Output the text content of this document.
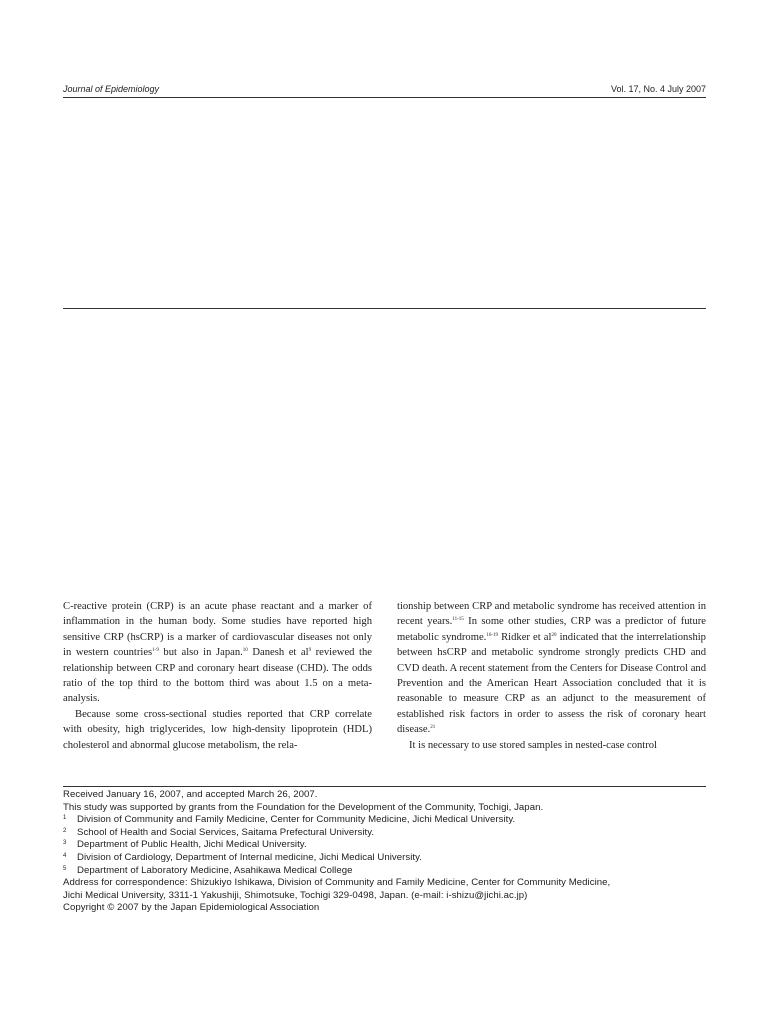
Journal of Epidemiology	Vol. 17, No. 4 July 2007

C-reactive protein (CRP) is an acute phase reactant and a marker of inflammation in the human body. Some studies have reported high sensitive CRP (hsCRP) is a marker of cardiovascular diseases not only in western countries$^{1-9}$ but also in Japan.$^{10}$ Danesh et $al^9$ reviewed the relationship between CRP and coronary heart disease (CHD). The odds ratio of the top third to the bottom third was about 1.5 on a meta-analysis.

Because some cross-sectional studies reported that CRP correlate with obesity, high triglycerides, low high-density lipoprotein (HDL) cholesterol and abnormal glucose metabolism, the rela-

tionship between CRP and metabolic syndrome has received attention in recent years.$^{11-15}$ In some other studies, CRP was a predictor of future metabolic syndrome.$^{16-19}$ Ridker et $al^{20}$ indicated that the interrelationship between hsCRP and metabolic syndrome strongly predicts CHD and CVD death. A recent statement from the Centers for Disease Control and Prevention and the American Heart Association concluded that it is reasonable to measure CRP as an adjunct to the measurement of established risk factors in order to assess the risk of coronary heart disease.$^{21}$

It is necessary to use stored samples in nested-case control

Received January 16, 2007, and accepted March 26, 2007.
This study was supported by grants from the Foundation for the Development of the Community, Tochigi, Japan.
$^1$ Division of Community and Family Medicine, Center for Community Medicine, Jichi Medical University.
$^2$ School of Health and Social Services, Saitama Prefectural University.
$^3$ Department of Public Health, Jichi Medical University.
$^4$ Division of Cardiology, Department of Internal medicine, Jichi Medical University.
$^5$ Department of Laboratory Medicine, Asahikawa Medical College
Address for correspondence: Shizukiyo Ishikawa, Division of Community and Family Medicine, Center for Community Medicine,
Jichi Medical University, 3311-1 Yakushiji, Shimotsuke, Tochigi 329-0498, Japan. (e-mail: i-shizu@jichi.ac.jp)
Copyright © 2007 by the Japan Epidemiological Association
